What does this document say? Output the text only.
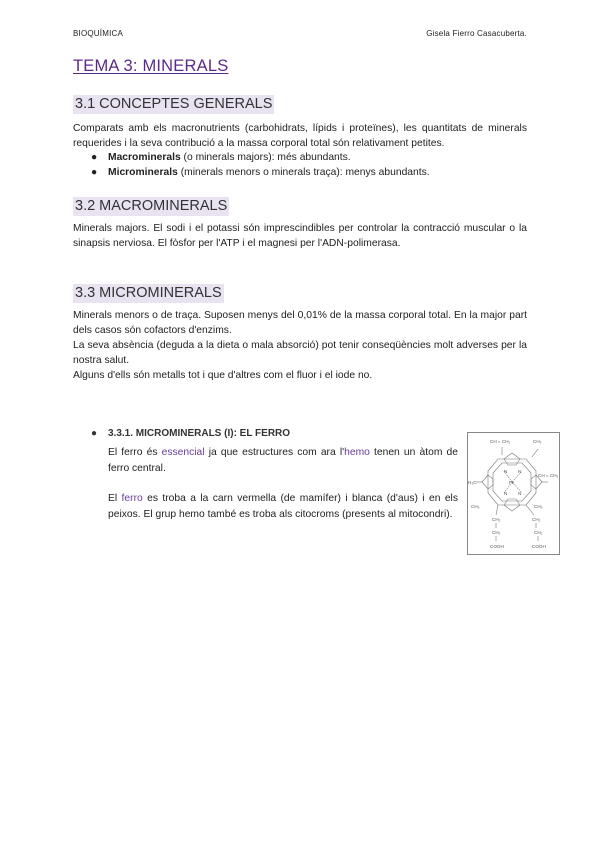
BIOQUÍMICA	Gisela Fierro Casacuberta.
TEMA 3: MINERALS
3.1 CONCEPTES GENERALS

Comparats amb els macronutrients (carbohidrats, lípids i proteïnes), les quantitats de minerals requerides i la seva contribució a la massa corporal total són relativament petites.

● Macrominerals (o minerals majors): més abundants.
● Microminerals (minerals menors o minerals traça): menys abundants.
3.2 MACROMINERALS

Minerals majors. El sodi i el potassi són imprescindibles per controlar la contracció muscular o la sinapsis nerviosa. El fòsfor per l'ATP i el magnesi per l'ADN-polimerasa.

3.3 MICROMINERALS

Minerals menors o de traça. Suposen menys del 0,01% de la massa corporal total. En la major part dels casos són cofactors d'enzims.

La seva absència (deguda a la dieta o mala absorció) pot tenir conseqüències molt adverses per la nostra salut.

Alguns d'ells són metalls tot i que d'altres com el fluor i el iode no.

● 3.3.1. MICROMINERALS (I): EL FERRO

El ferro és essencial ja que estructures com ara l'hemo tenen un àtom de ferro central.

El ferro es troba a la carn vermella (de mamífer) i blanca (d'aus) i en els peixos. El grup hemo també es troba als citocroms (presents al mitocondri).

CH = CH₂	CH₃
H₃C
CH = CH₂
N N
N N
Fe
CH₃	CH₃
CH₂	CH₂
CH₂	CH₂
COOH	COOH
